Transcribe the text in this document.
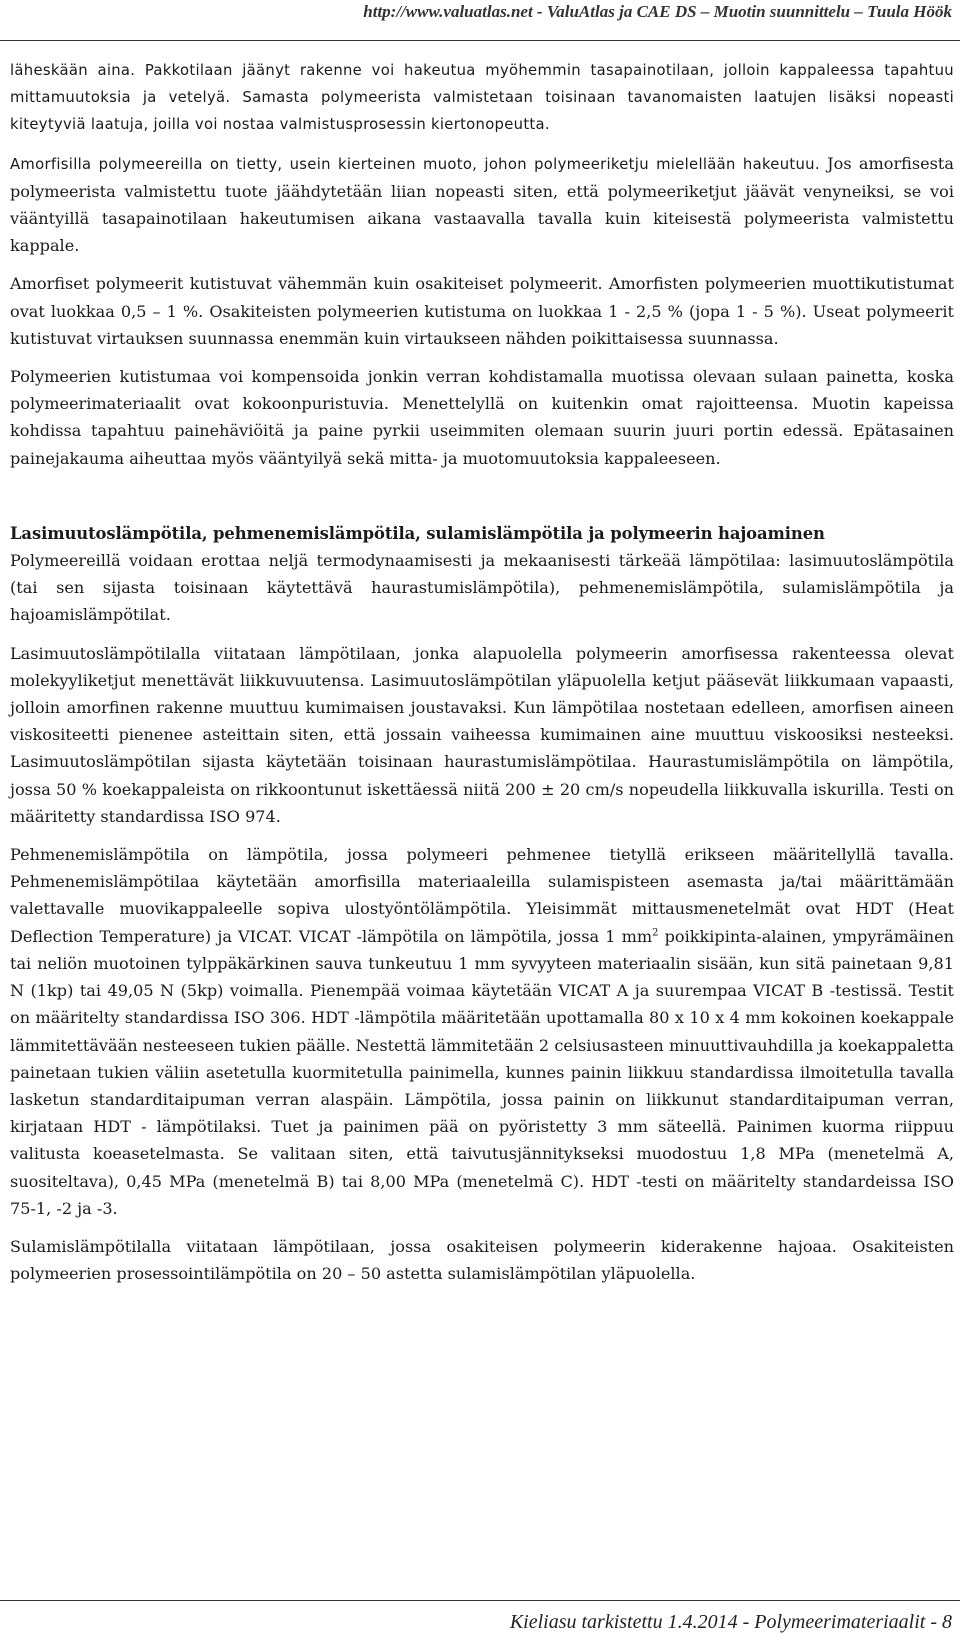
http://www.valuatlas.net - ValuAtlas ja CAE DS – Muotin suunnittelu – Tuula Höök

läheskään aina. Pakkotilaan jäänyt rakenne voi hakeutua myöhemmin tasapainotilaan, jolloin kappaleessa tapahtuu mittamuutoksia ja vetelyä. Samasta polymeerista valmistetaan toisinaan tavanomaisten laatujen lisäksi nopeasti kiteytyviä laatuja, joilla voi nostaa valmistusprosessin kiertonopeutta.

Amorfisilla polymeereilla on tietty, usein kierteinen muoto, johon polymeeriketju mielellään hakeutuu. Jos amorfisesta polymeerista valmistettu tuote jäähdytetään liian nopeasti siten, että polymeeriketjut jäävät venyneiksi, se voi vääntyillä tasapainotilaan hakeutumisen aikana vastaavalla tavalla kuin kiteisestä polymeerista valmistettu kappale.

Amorfiset polymeerit kutistuvat vähemmän kuin osakiteiset polymeerit. Amorfisten polymeerien muottikutistumat ovat luokkaa 0,5 – 1 %. Osakiteisten polymeerien kutistuma on luokkaa 1 - 2,5 % (jopa 1 - 5 %). Useat polymeerit kutistuvat virtauksen suunnassa enemmän kuin virtaukseen nähden poikittaisessa suunnassa.

Polymeerien kutistumaa voi kompensoida jonkin verran kohdistamalla muotissa olevaan sulaan painetta, koska polymeerimateriaalit ovat kokoonpuristuvia. Menettelyllä on kuitenkin omat rajoitteensa. Muotin kapeissa kohdissa tapahtuu painehäviöitä ja paine pyrkii useimmiten olemaan suurin juuri portin edessä. Epätasainen painejakauma aiheuttaa myös vääntyilyä sekä mitta- ja muotomuutoksia kappaleeseen.

Lasimuutoslämpötila, pehmenemislämpötila, sulamislämpötila ja polymeerin hajoaminen

Polymeereillä voidaan erottaa neljä termodynaamisesti ja mekaanisesti tärkeää lämpötilaa: lasimuutoslämpötila (tai sen sijasta toisinaan käytettävä haurastumislämpötila), pehmenemislämpötila, sulamislämpötila ja hajoamislämpötilat.

Lasimuutoslämpötilalla viitataan lämpötilaan, jonka alapuolella polymeerin amorfisessa rakenteessa olevat molekyyliketjut menettävät liikkuvuutensa. Lasimuutoslämpötilan yläpuolella ketjut pääsevät liikkumaan vapaasti, jolloin amorfinen rakenne muuttuu kumimaisen joustavaksi. Kun lämpötilaa nostetaan edelleen, amorfisen aineen viskositeetti pienenee asteittain siten, että jossain vaiheessa kumimainen aine muuttuu viskoosiksi nesteeksi. Lasimuutoslämpötilan sijasta käytetään toisinaan haurastumislämpötilaa. Haurastumislämpötila on lämpötila, jossa 50 % koekappaleista on rikkoontunut iskettäessä niitä 200 ± 20 cm/s nopeudella liikkuvalla iskurilla. Testi on määritetty standardissa ISO 974.

Pehmenemislämpötila on lämpötila, jossa polymeeri pehmenee tietyllä erikseen määritellyllä tavalla. Pehmenemislämpötilaa käytetään amorfisilla materiaaleilla sulamispisteen asemasta ja/tai määrittämään valettavalle muovikappaleelle sopiva ulostyöntölämpötila. Yleisimmät mittausmenetelmät ovat HDT (Heat Deflection Temperature) ja VICAT. VICAT -lämpötila on lämpötila, jossa 1 $mm^2$ poikkipinta-alainen, ympyrämäinen tai neliön muotoinen tylppäkärkinen sauva tunkeutuu 1 mm syvyyteen materiaalin sisään, kun sitä painetaan 9,81 N (1kp) tai 49,05 N (5kp) voimalla. Pienempää voimaa käytetään VICAT A ja suurempaa VICAT B -testissä. Testit on määritelty standardissa ISO 306. HDT -lämpötila määritetään upottamalla 80 x 10 x 4 mm kokoinen koekappale lämmitettävään nesteeseen tukien päälle. Nestettä lämmitetään 2 celsiusasteen minuuttivauhdilla ja koekappaletta painetaan tukien väliin asetetulla kuormitetulla painimella, kunnes painin liikkuu standardissa ilmoitetulla tavalla lasketun standarditaipuman verran alaspäin. Lämpötila, jossa painin on liikkunut standarditaipuman verran, kirjataan HDT - lämpötilaksi. Tuet ja painimen pää on pyöristetty 3 mm säteellä. Painimen kuorma riippuu valitusta koeasetelmasta. Se valitaan siten, että taivutusjännitykseksi muodostuu 1,8 MPa (menetelmä A, suositeltava), 0,45 MPa (menetelmä B) tai 8,00 MPa (menetelmä C). HDT -testi on määritelty standardeissa ISO 75-1, -2 ja -3.

Sulamislämpötilalla viitataan lämpötilaan, jossa osakiteisen polymeerin kiderakenne hajoaa. Osakiteisten polymeerien prosessointilämpötila on 20 – 50 astetta sulamislämpötilan yläpuolella.

Kieliasu tarkistettu 1.4.2014 - Polymeerimateriaalit - 8
